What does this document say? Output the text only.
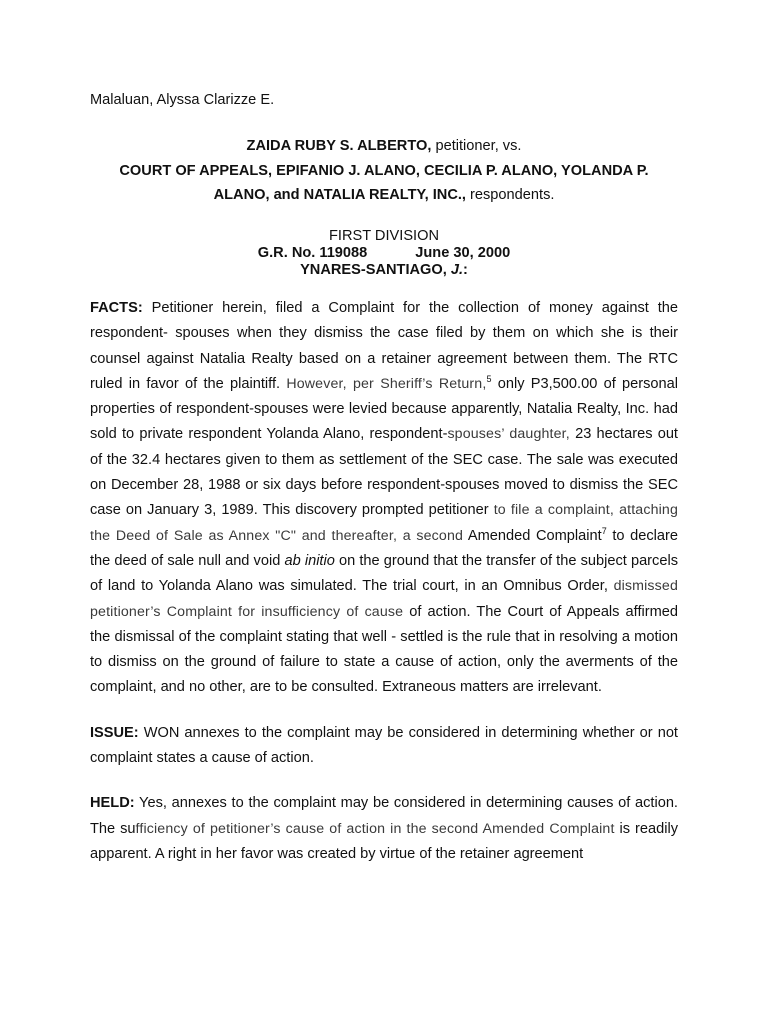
Malaluan, Alyssa Clarizze E.
ZAIDA RUBY S. ALBERTO, petitioner, vs.
COURT OF APPEALS, EPIFANIO J. ALANO, CECILIA P. ALANO, YOLANDA P. ALANO, and NATALIA REALTY, INC., respondents.
FIRST DIVISION
G.R. No. 119088	June 30, 2000
YNARES-SANTIAGO, J.:

FACTS: Petitioner herein, filed a Complaint for the collection of money against the respondent- spouses when they dismiss the case filed by them on which she is their counsel against Natalia Realty based on a retainer agreement between them. The RTC ruled in favor of the plaintiff. However, per Sheriff’s Return,$^5$ only P3,500.00 of personal properties of respondent-spouses were levied because apparently, Natalia Realty, Inc. had sold to private respondent Yolanda Alano, respondent-spouses’ daughter, 23 hectares out of the 32.4 hectares given to them as settlement of the SEC case. The sale was executed on December 28, 1988 or six days before respondent-spouses moved to dismiss the SEC case on January 3, 1989. This discovery prompted petitioner to file a complaint, attaching the Deed of Sale as Annex "C" and thereafter, a second Amended Complaint$^7$ to declare the deed of sale null and void ab initio on the ground that the transfer of the subject parcels of land to Yolanda Alano was simulated. The trial court, in an Omnibus Order, dismissed petitioner’s Complaint for insufficiency of cause of action. The Court of Appeals affirmed the dismissal of the complaint stating that well - settled is the rule that in resolving a motion to dismiss on the ground of failure to state a cause of action, only the averments of the complaint, and no other, are to be consulted. Extraneous matters are irrelevant.

ISSUE: WON annexes to the complaint may be considered in determining whether or not complaint states a cause of action.

HELD: Yes, annexes to the complaint may be considered in determining causes of action. The sufficiency of petitioner’s cause of action in the second Amended Complaint is readily apparent. A right in her favor was created by virtue of the retainer agreement
